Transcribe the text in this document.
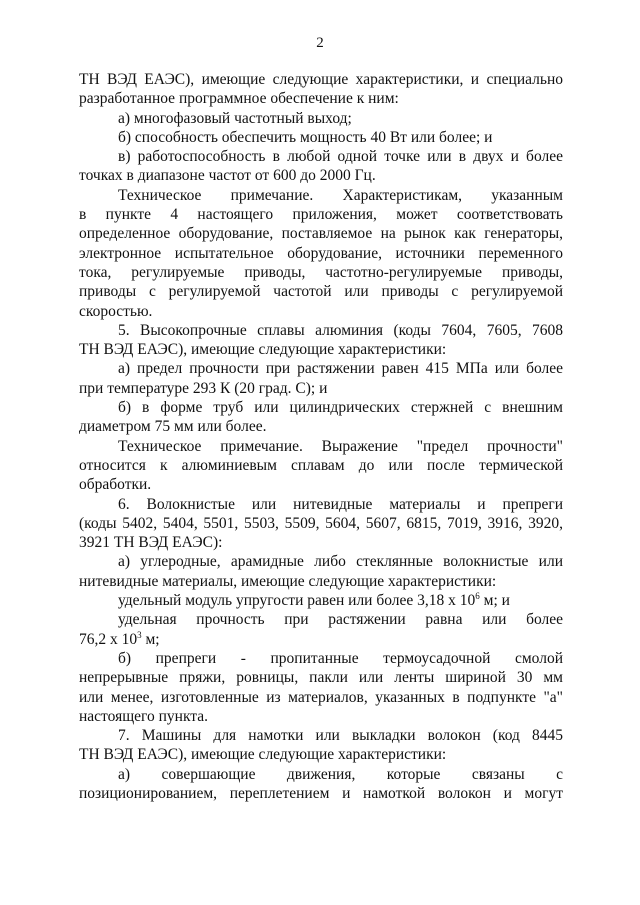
2
ТН ВЭД ЕАЭС), имеющие следующие характеристики, и специально
разработанное программное обеспечение к ним:
а) многофазовый частотный выход;
б) способность обеспечить мощность 40 Вт или более; и
в) работоспособность в любой одной точке или в двух и более
точках в диапазоне частот от 600 до 2000 Гц.
Техническое примечание. Характеристикам, указанным
в пункте 4 настоящего приложения, может соответствовать
определенное оборудование, поставляемое на рынок как генераторы,
электронное испытательное оборудование, источники переменного
тока, регулируемые приводы, частотно-регулируемые приводы,
приводы с регулируемой частотой или приводы с регулируемой
скоростью.
5. Высокопрочные сплавы алюминия (коды 7604, 7605, 7608
ТН ВЭД ЕАЭС), имеющие следующие характеристики:
а) предел прочности при растяжении равен 415 МПа или более
при температуре 293 К (20 град. С); и
б) в форме труб или цилиндрических стержней с внешним
диаметром 75 мм или более.
Техническое примечание. Выражение "предел прочности"
относится к алюминиевым сплавам до или после термической
обработки.
6. Волокнистые или нитевидные материалы и препреги
(коды 5402, 5404, 5501, 5503, 5509, 5604, 5607, 6815, 7019, 3916, 3920,
3921 ТН ВЭД ЕАЭС):
а) углеродные, арамидные либо стеклянные волокнистые или
нитевидные материалы, имеющие следующие характеристики:
удельный модуль упругости равен или более 3,18 x $10^6$ м; и
удельная прочность при растяжении равна или более
76,2 x $10^3$ м;
б) препреги - пропитанные термоусадочной смолой
непрерывные пряжи, ровницы, пакли или ленты шириной 30 мм
или менее, изготовленные из материалов, указанных в подпункте "а"
настоящего пункта.
7. Машины для намотки или выкладки волокон (код 8445
ТН ВЭД ЕАЭС), имеющие следующие характеристики:
а) совершающие движения, которые связаны с
позиционированием, переплетением и намоткой волокон и могут
